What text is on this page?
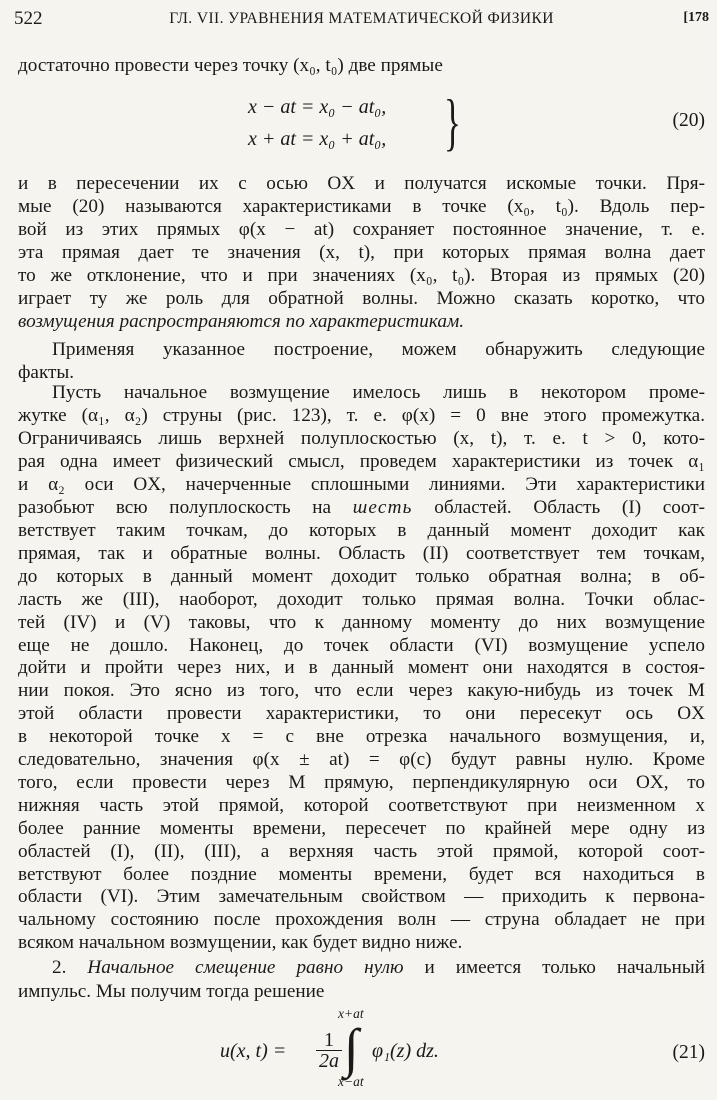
522	ГЛ. VII. УРАВНЕНИЯ МАТЕМАТИЧЕСКОЙ ФИЗИКИ	[178
достаточно провести через точку (x₀, t₀) две прямые
x − at = x₀ − at₀,
x + at = x₀ + at₀, }	(20)
и в пересечении их с осью OX и получатся искомые точки. Пря-
мые (20) называются характеристиками в точке (x₀, t₀). Вдоль пер-
вой из этих прямых φ(x − at) сохраняет постоянное значение, т. е.
эта прямая дает те значения (x, t), при которых прямая волна дает
то же отклонение, что и при значениях (x₀, t₀). Вторая из прямых (20)
играет ту же роль для обратной волны. Можно сказать коротко, что
возмущения распространяются по характеристикам.
Применяя указанное построение, можем обнаружить следующие
факты.
Пусть начальное возмущение имелось лишь в некотором проме-
жутке (α₁, α₂) струны (рис. 123), т. е. φ(x) = 0 вне этого промежутка.
Ограничиваясь лишь верхней полуплоскостью (x, t), т. е. t > 0, кото-
рая одна имеет физический смысл, проведем характеристики из точек α₁
и α₂ оси OX, начерченные сплошными линиями. Эти характеристики
разобьют всю полуплоскость на шесть областей. Область (I) соот-
ветствует таким точкам, до которых в данный момент доходит как
прямая, так и обратные волны. Область (II) соответствует тем точкам,
до которых в данный момент доходит только обратная волна; в об-
ласть же (III), наоборот, доходит только прямая волна. Точки облас-
тей (IV) и (V) таковы, что к данному моменту до них возмущение
еще не дошло. Наконец, до точек области (VI) возмущение успело
дойти и пройти через них, и в данный момент они находятся в состоя-
нии покоя. Это ясно из того, что если через какую-нибудь из точек M
этой области провести характеристики, то они пересекут ось OX
в некоторой точке x = c вне отрезка начального возмущения, и,
следовательно, значения φ(x ± at) = φ(c) будут равны нулю. Кроме
того, если провести через M прямую, перпендикулярную оси OX, то
нижняя часть этой прямой, которой соответствуют при неизменном x
более ранние моменты времени, пересечет по крайней мере одну из
областей (I), (II), (III), а верхняя часть этой прямой, которой соот-
ветствуют более поздние моменты времени, будет вся находиться в
области (VI). Этим замечательным свойством — приходить к первона-
чальному состоянию после прохождения волн — струна обладает не при
всяком начальном возмущении, как будет видно ниже.
2. Начальное смещение равно нулю и имеется только начальный
импульс. Мы получим тогда решение
u(x, $t) = \frac{1}{2a}$
x+at
∫
x−at
φ₁(z) dz.	(21)
